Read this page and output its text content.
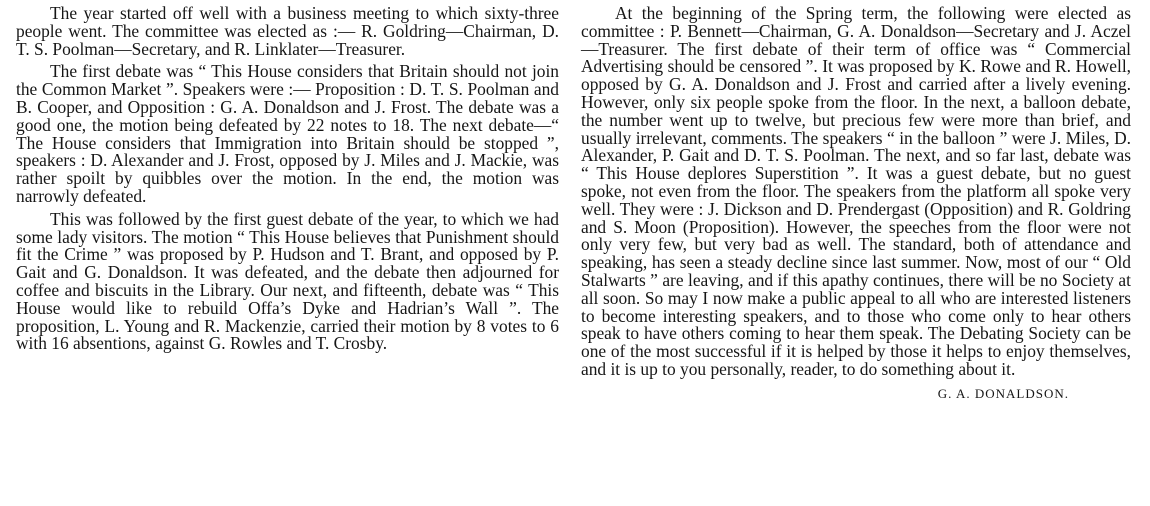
The year started off well with a business meeting to which sixty-three people went. The committee was elected as :— R. Goldring—Chairman, D. T. S. Poolman—Secretary, and R. Linklater—Treasurer.

The first debate was “ This House considers that Britain should not join the Common Market ”. Speakers were :— Proposition : D. T. S. Poolman and B. Cooper, and Opposition : G. A. Donaldson and J. Frost. The debate was a good one, the motion being defeated by 22 notes to 18. The next debate—“ The House considers that Immigration into Britain should be stopped ”, speakers : D. Alexander and J. Frost, opposed by J. Miles and J. Mackie, was rather spoilt by quibbles over the motion. In the end, the motion was narrowly defeated.

This was followed by the first guest debate of the year, to which we had some lady visitors. The motion “ This House believes that Punishment should fit the Crime ” was proposed by P. Hudson and T. Brant, and opposed by P. Gait and G. Donaldson. It was defeated, and the debate then adjourned for coffee and biscuits in the Library. Our next, and fifteenth, debate was “ This House would like to rebuild Offa’s Dyke and Hadrian’s Wall ”. The proposition, L. Young and R. Mackenzie, carried their motion by 8 votes to 6 with 16 absentions, against G. Rowles and T. Crosby.

At the beginning of the Spring term, the following were elected as committee : P. Bennett—Chairman, G. A. Donaldson—Secretary and J. Aczel—Treasurer. The first debate of their term of office was “ Commercial Advertising should be censored ”. It was proposed by K. Rowe and R. Howell, opposed by G. A. Donaldson and J. Frost and carried after a lively evening. However, only six people spoke from the floor. In the next, a balloon debate, the number went up to twelve, but precious few were more than brief, and usually irrelevant, comments. The speakers “ in the balloon ” were J. Miles, D. Alexander, P. Gait and D. T. S. Poolman. The next, and so far last, debate was “ This House deplores Superstition ”. It was a guest debate, but no guest spoke, not even from the floor. The speakers from the platform all spoke very well. They were : J. Dickson and D. Prendergast (Opposition) and R. Goldring and S. Moon (Proposition). However, the speeches from the floor were not only very few, but very bad as well. The standard, both of attendance and speaking, has seen a steady decline since last summer. Now, most of our “ Old Stalwarts ” are leaving, and if this apathy continues, there will be no Society at all soon. So may I now make a public appeal to all who are interested listeners to become interesting speakers, and to those who come only to hear others speak to have others coming to hear them speak. The Debating Society can be one of the most successful if it is helped by those it helps to enjoy themselves, and it is up to you personally, reader, to do something about it.

G. A. DONALDSON.
